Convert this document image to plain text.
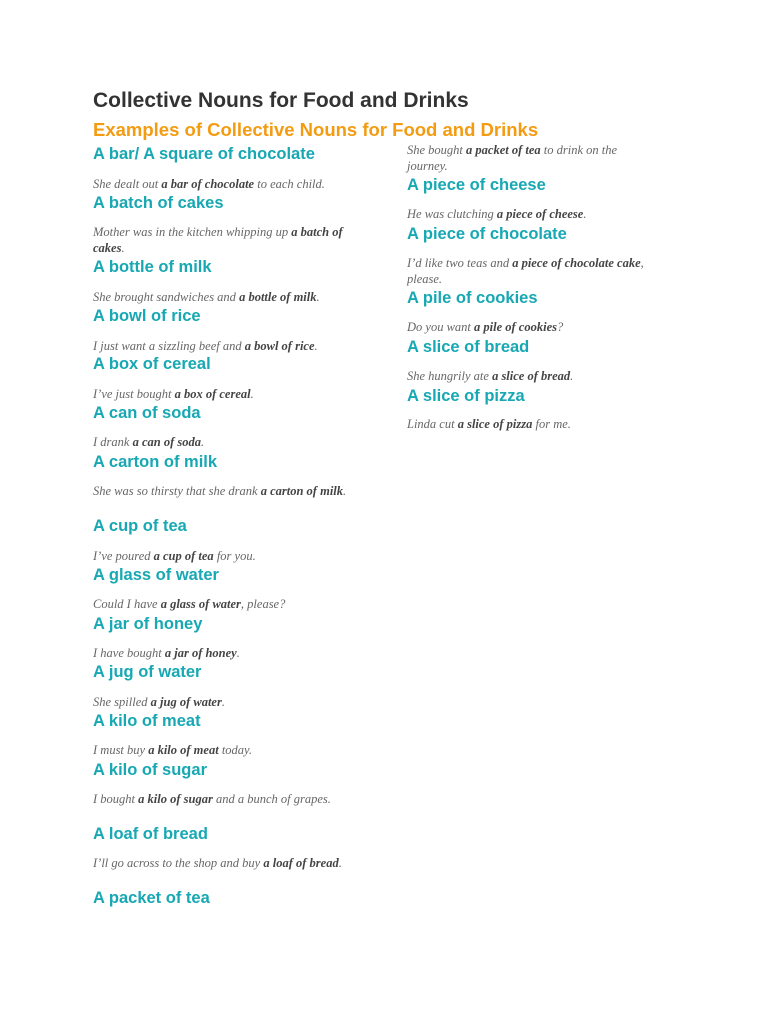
Collective Nouns for Food and Drinks
Examples of Collective Nouns for Food and Drinks
A bar/ A square of chocolate
She dealt out a bar of chocolate to each child.
A batch of cakes
Mother was in the kitchen whipping up a batch of cakes.
A bottle of milk
She brought sandwiches and a bottle of milk.
A bowl of rice
I just want a sizzling beef and a bowl of rice.
A box of cereal
I’ve just bought a box of cereal.
A can of soda
I drank a can of soda.
A carton of milk
She was so thirsty that she drank a carton of milk.
A cup of tea
I’ve poured a cup of tea for you.
A glass of water
Could I have a glass of water, please?
A jar of honey
I have bought a jar of honey.
A jug of water
She spilled a jug of water.
A kilo of meat
I must buy a kilo of meat today.
A kilo of sugar
I bought a kilo of sugar and a bunch of grapes.
A loaf of bread
I’ll go across to the shop and buy a loaf of bread.
A packet of tea
She bought a packet of tea to drink on the journey.
A piece of cheese
He was clutching a piece of cheese.
A piece of chocolate
I’d like two teas and a piece of chocolate cake, please.
A pile of cookies
Do you want a pile of cookies?
A slice of bread
She hungrily ate a slice of bread.
A slice of pizza
Linda cut a slice of pizza for me.
